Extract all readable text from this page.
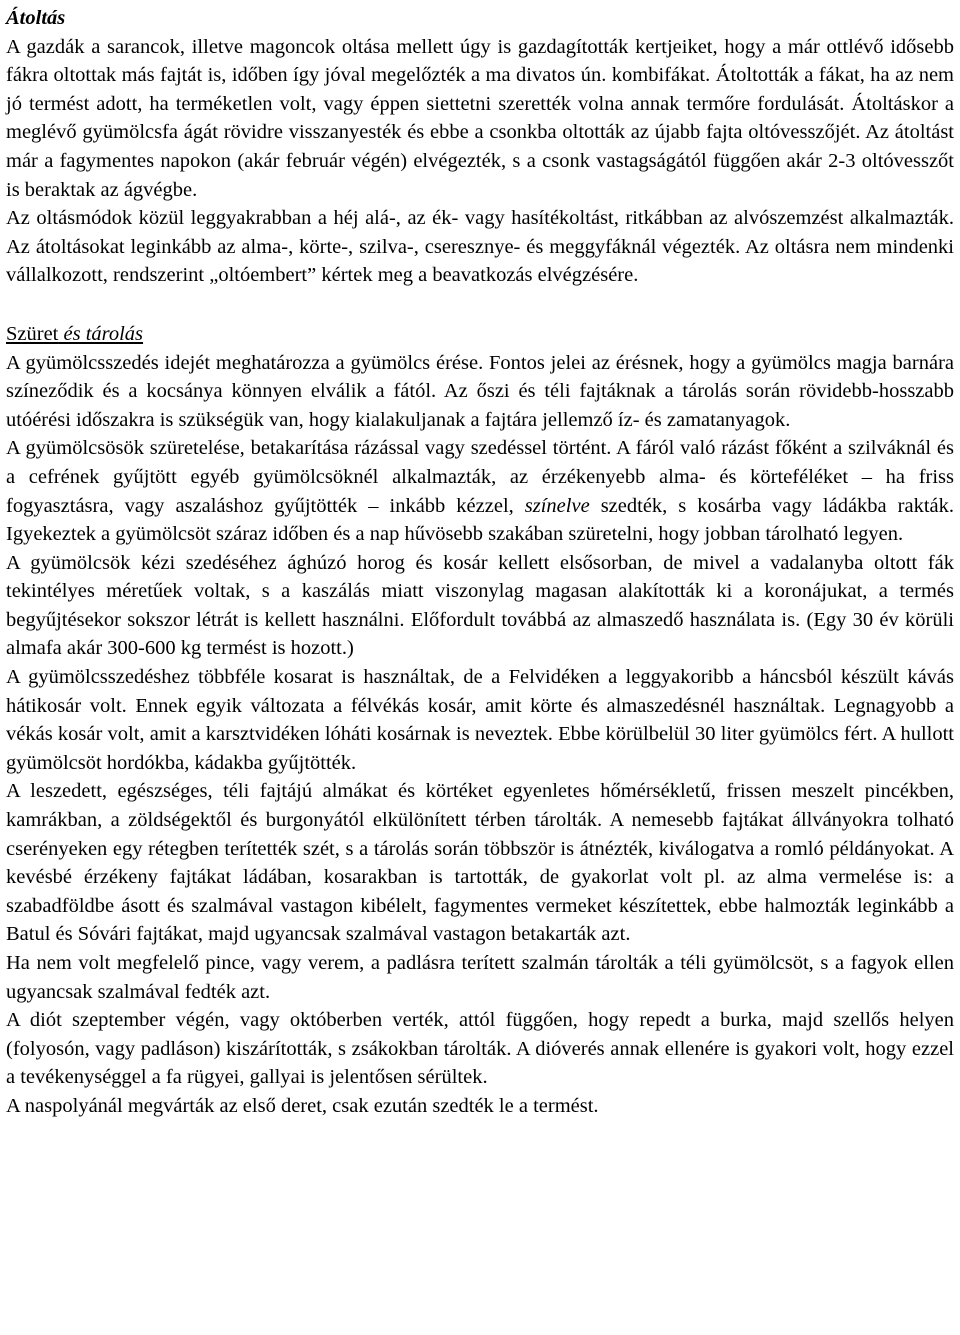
Átoltás

A gazdák a sarancok, illetve magoncok oltása mellett úgy is gazdagították kertjeiket, hogy a már ottlévő idősebb fákra oltottak más fajtát is, időben így jóval megelőzték a ma divatos ún. kombifákat. Átoltották a fákat, ha az nem jó termést adott, ha terméketlen volt, vagy éppen siettetni szerették volna annak termőre fordulását. Átoltáskor a meglévő gyümölcsfa ágát rövidre visszanyesték és ebbe a csonkba oltották az újabb fajta oltóvesszőjét. Az átoltást már a fagymentes napokon (akár február végén) elvégezték, s a csonk vastagságától függően akár 2-3 oltóvesszőt is beraktak az ágvégbe.

Az oltásmódok közül leggyakrabban a héj alá-, az ék- vagy hasítékoltást, ritkábban az alvószemzést alkalmazták. Az átoltásokat leginkább az alma-, körte-, szilva-, cseresznye- és meggyfáknál végezték. Az oltásra nem mindenki vállalkozott, rendszerint „oltóembert” kértek meg a beavatkozás elvégzésére.

Szüret és tárolás

A gyümölcsszedés idejét meghatározza a gyümölcs érése. Fontos jelei az érésnek, hogy a gyümölcs magja barnára színeződik és a kocsánya könnyen elválik a fától. Az őszi és téli fajtáknak a tárolás során rövidebb-hosszabb utóérési időszakra is szükségük van, hogy kialakuljanak a fajtára jellemző íz- és zamatanyagok.

A gyümölcsösök szüretelése, betakarítása rázással vagy szedéssel történt. A fáról való rázást főként a szilváknál és a cefrének gyűjtött egyéb gyümölcsöknél alkalmazták, az érzékenyebb alma- és körteféléket – ha friss fogyasztásra, vagy aszaláshoz gyűjtötték – inkább kézzel, színelve szedték, s kosárba vagy ládákba rakták. Igyekeztek a gyümölcsöt száraz időben és a nap hűvösebb szakában szüretelni, hogy jobban tárolható legyen.

A gyümölcsök kézi szedéséhez ághúzó horog és kosár kellett elsősorban, de mivel a vadalanyba oltott fák tekintélyes méretűek voltak, s a kaszálás miatt viszonylag magasan alakították ki a koronájukat, a termés begyűjtésekor sokszor létrát is kellett használni. Előfordult továbbá az almaszedő használata is. (Egy 30 év körüli almafa akár 300-600 kg termést is hozott.)

A gyümölcsszedéshez többféle kosarat is használtak, de a Felvidéken a leggyakoribb a háncsból készült kávás hátikosár volt. Ennek egyik változata a félvékás kosár, amit körte és almaszedésnél használtak. Legnagyobb a vékás kosár volt, amit a karsztvidéken lóháti kosárnak is neveztek. Ebbe körülbelül 30 liter gyümölcs fért. A hullott gyümölcsöt hordókba, kádakba gyűjtötték.

A leszedett, egészséges, téli fajtájú almákat és körtéket egyenletes hőmérsékletű, frissen meszelt pincékben, kamrákban, a zöldségektől és burgonyától elkülönített térben tárolták. A nemesebb fajtákat állványokra tolható cserényeken egy rétegben terítették szét, s a tárolás során többször is átnézték, kiválogatva a romló példányokat. A kevésbé érzékeny fajtákat ládában, kosarakban is tartották, de gyakorlat volt pl. az alma vermelése is: a szabadföldbe ásott és szalmával vastagon kibélelt, fagymentes vermeket készítettek, ebbe halmozták leginkább a Batul és Sóvári fajtákat, majd ugyancsak szalmával vastagon betakarták azt.

Ha nem volt megfelelő pince, vagy verem, a padlásra terített szalmán tárolták a téli gyümölcsöt, s a fagyok ellen ugyancsak szalmával fedték azt.

A diót szeptember végén, vagy októberben verték, attól függően, hogy repedt a burka, majd szellős helyen (folyosón, vagy padláson) kiszárították, s zsákokban tárolták. A dióverés annak ellenére is gyakori volt, hogy ezzel a tevékenységgel a fa rügyei, gallyai is jelentősen sérültek.

A naspolyánál megvárták az első deret, csak ezután szedték le a termést.
